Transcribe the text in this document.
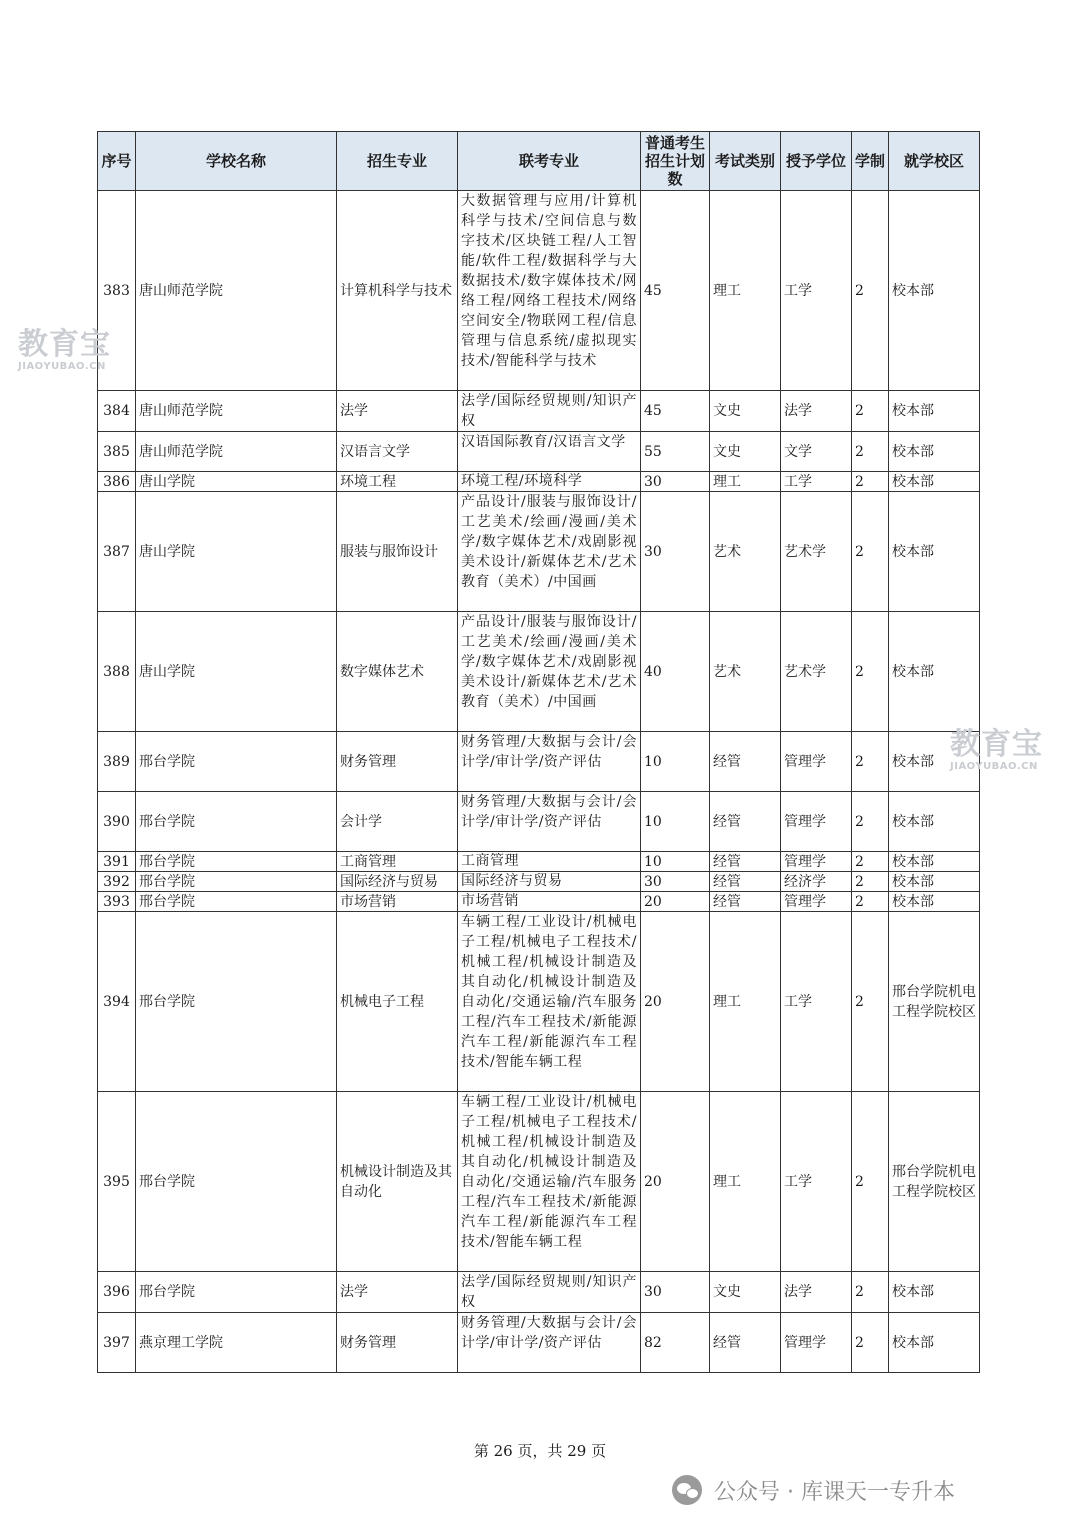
序号	学校名称	招生专业	联考专业	普通考生招生计划数	考试类别	授予学位	学制	就学校区
383	唐山师范学院	计算机科学与技术	大数据管理与应用/计算机科学与技术/空间信息与数字技术/区块链工程/人工智能/软件工程/数据科学与大数据技术/数字媒体技术/网络工程/网络工程技术/网络空间安全/物联网工程/信息管理与信息系统/虚拟现实技术/智能科学与技术	45	理工	工学	2	校本部
384	唐山师范学院	法学	法学/国际经贸规则/知识产权	45	文史	法学	2	校本部
385	唐山师范学院	汉语言文学	汉语国际教育/汉语言文学	55	文史	文学	2	校本部
386	唐山学院	环境工程	环境工程/环境科学	30	理工	工学	2	校本部
387	唐山学院	服装与服饰设计	产品设计/服装与服饰设计/工艺美术/绘画/漫画/美术学/数字媒体艺术/戏剧影视美术设计/新媒体艺术/艺术教育（美术）/中国画	30	艺术	艺术学	2	校本部
388	唐山学院	数字媒体艺术	产品设计/服装与服饰设计/工艺美术/绘画/漫画/美术学/数字媒体艺术/戏剧影视美术设计/新媒体艺术/艺术教育（美术）/中国画	40	艺术	艺术学	2	校本部
389	邢台学院	财务管理	财务管理/大数据与会计/会计学/审计学/资产评估	10	经管	管理学	2	校本部
390	邢台学院	会计学	财务管理/大数据与会计/会计学/审计学/资产评估	10	经管	管理学	2	校本部
391	邢台学院	工商管理	工商管理	10	经管	管理学	2	校本部
392	邢台学院	国际经济与贸易	国际经济与贸易	30	经管	经济学	2	校本部
393	邢台学院	市场营销	市场营销	20	经管	管理学	2	校本部
394	邢台学院	机械电子工程	车辆工程/工业设计/机械电子工程/机械电子工程技术/机械工程/机械设计制造及其自动化/机械设计制造及自动化/交通运输/汽车服务工程/汽车工程技术/新能源汽车工程/新能源汽车工程技术/智能车辆工程	20	理工	工学	2	邢台学院机电工程学院校区
395	邢台学院	机械设计制造及其自动化	车辆工程/工业设计/机械电子工程/机械电子工程技术/机械工程/机械设计制造及其自动化/机械设计制造及自动化/交通运输/汽车服务工程/汽车工程技术/新能源汽车工程/新能源汽车工程技术/智能车辆工程	20	理工	工学	2	邢台学院机电工程学院校区
396	邢台学院	法学	法学/国际经贸规则/知识产权	30	文史	法学	2	校本部
397	燕京理工学院	财务管理	财务管理/大数据与会计/会计学/审计学/资产评估	82	经管	管理学	2	校本部
教育宝
JIAOYUBAO.CN
教育宝
JIAOYUBAO.CN
第 26 页，共 29 页
公众号 · 库课天一专升本
